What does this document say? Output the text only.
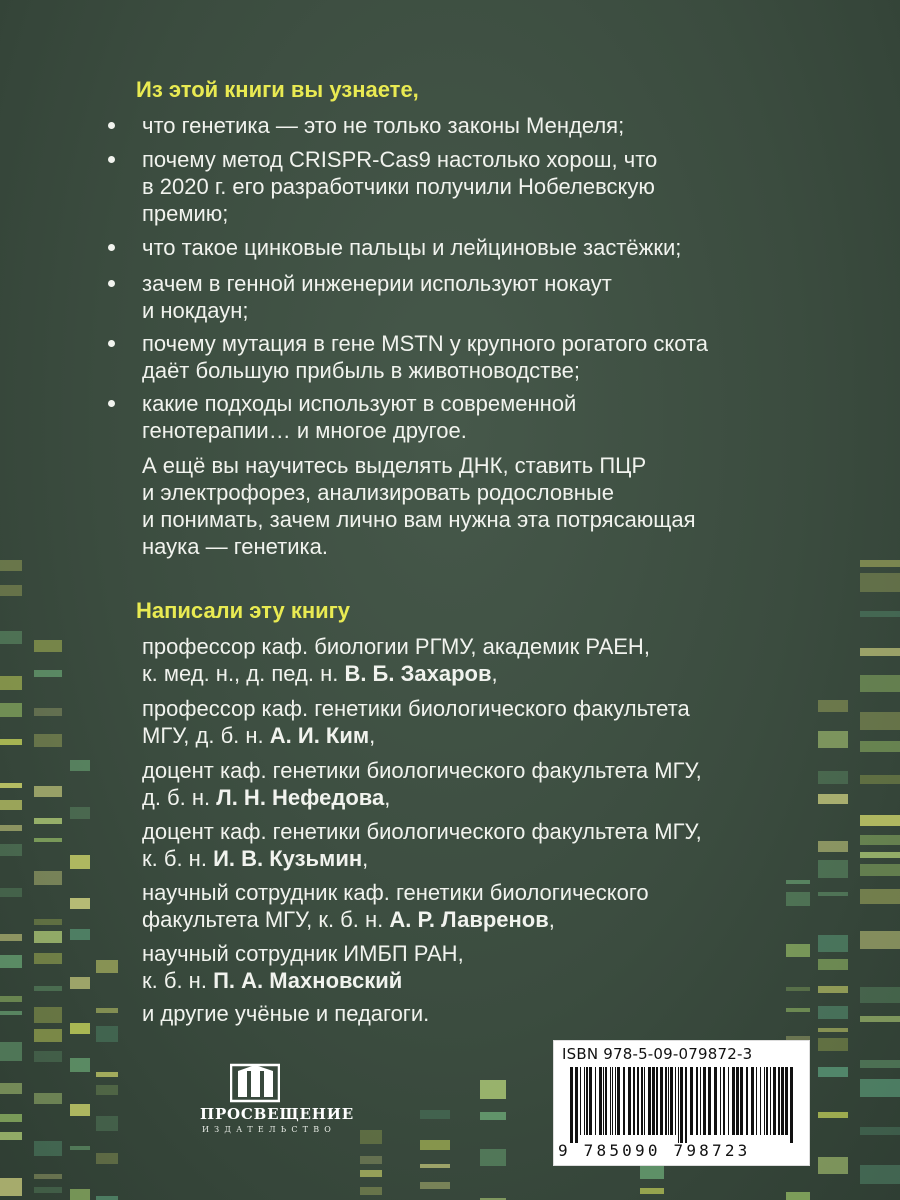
Из этой книги вы узнаете,
что генетика — это не только законы Менделя;
почему метод CRISPR-Cas9 настолько хорош, что
в 2020 г. его разработчики получили Нобелевскую
премию;
что такое цинковые пальцы и лейциновые застёжки;
зачем в генной инженерии используют нокаут
и нокдаун;
почему мутация в гене MSTN у крупного рогатого скота
даёт большую прибыль в животноводстве;
какие подходы используют в современной
генотерапии… и многое другое.
А ещё вы научитесь выделять ДНК, ставить ПЦР
и электрофорез, анализировать родословные
и понимать, зачем лично вам нужна эта потрясающая
наука — генетика.
Написали эту книгу
профессор каф. биологии РГМУ, академик РАЕН,
к. мед. н., д. пед. н. В. Б. Захаров,
профессор каф. генетики биологического факультета
МГУ, д. б. н. А. И. Ким,
доцент каф. генетики биологического факультета МГУ,
д. б. н. Л. Н. Нефедова,
доцент каф. генетики биологического факультета МГУ,
к. б. н. И. В. Кузьмин,
научный сотрудник каф. генетики биологического
факультета МГУ, к. б. н. А. Р. Лавренов,
научный сотрудник ИМБП РАН,
к. б. н. П. А. Махновский
и другие учёные и педагоги.
ПРОСВЕЩЕНИЕ
ИЗДАТЕЛЬСТВО
ISBN 978-5-09-079872-3
9 785090 798723
